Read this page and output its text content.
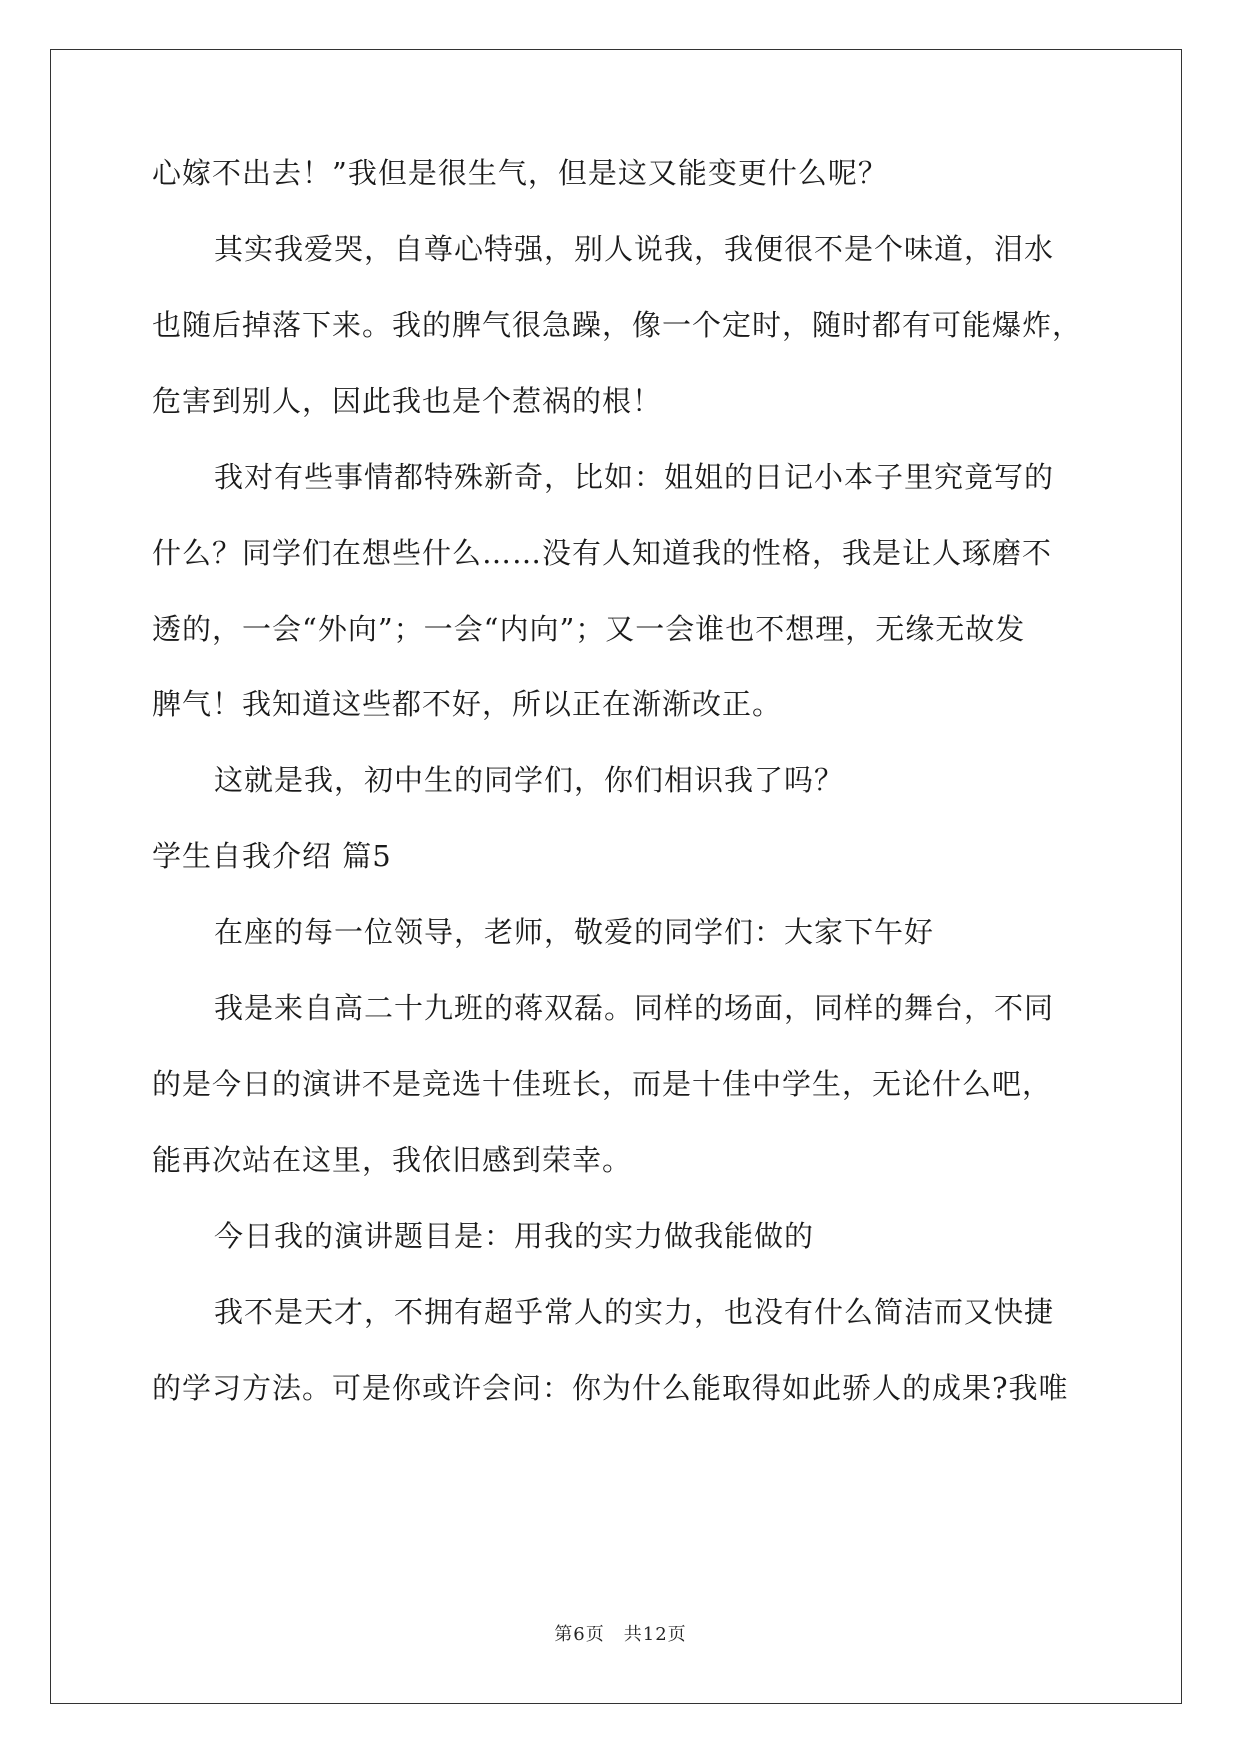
心嫁不出去！”我但是很生气，但是这又能变更什么呢？
其实我爱哭，自尊心特强，别人说我，我便很不是个味道，泪水
也随后掉落下来。我的脾气很急躁，像一个定时，随时都有可能爆炸，
危害到别人，因此我也是个惹祸的根！
我对有些事情都特殊新奇，比如：姐姐的日记小本子里究竟写的
什么？同学们在想些什么……没有人知道我的性格，我是让人琢磨不
透的，一会“外向”；一会“内向”；又一会谁也不想理，无缘无故发
脾气！我知道这些都不好，所以正在渐渐改正。
这就是我，初中生的同学们，你们相识我了吗？
学生自我介绍 篇5
在座的每一位领导，老师，敬爱的同学们：大家下午好
我是来自高二十九班的蒋双磊。同样的场面，同样的舞台，不同
的是今日的演讲不是竞选十佳班长，而是十佳中学生，无论什么吧，
能再次站在这里，我依旧感到荣幸。
今日我的演讲题目是：用我的实力做我能做的
我不是天才，不拥有超乎常人的实力，也没有什么简洁而又快捷
的学习方法。可是你或许会问：你为什么能取得如此骄人的成果?我唯
第6页　共12页
